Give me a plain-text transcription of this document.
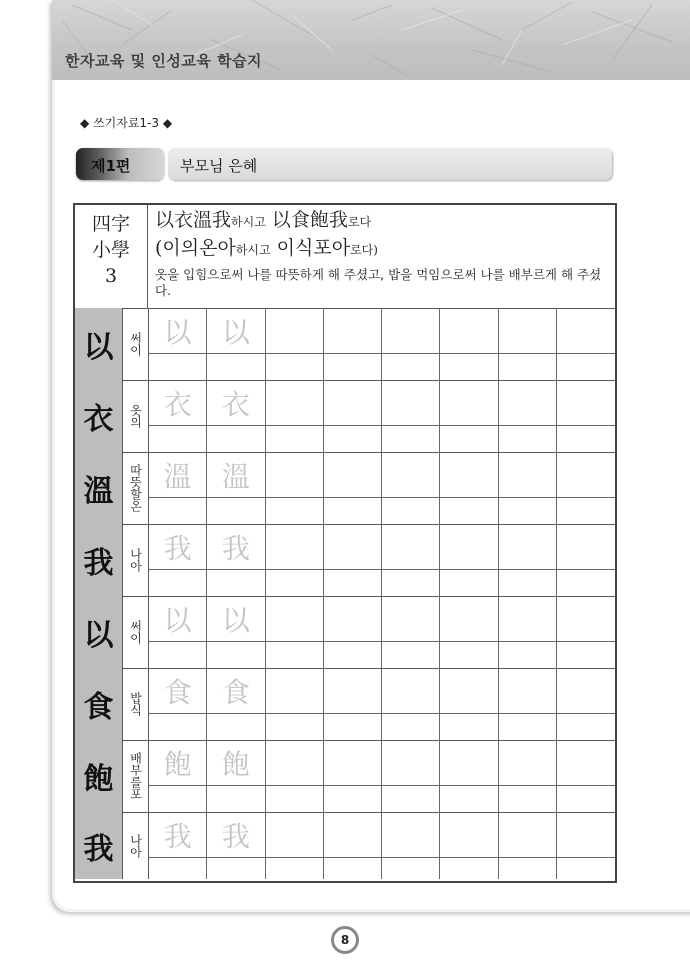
한자교육 및 인성교육 학습지
◆ 쓰기자료1-3 ◆
제1편	부모님 은혜
四字
小學
3
以衣溫我하시고 以食飽我로다
(이의온아하시고 이식포아로다)
옷을 입힘으로써 나를 따뜻하게 해 주셨고, 밥을 먹임으로써 나를 배부르게 해 주셨다.
以	써이 以	以
衣	옷의 衣	衣
溫	따뜻할온 溫	溫
我	나아 我	我
以	써이 以	以
食	밥식 食	食
飽	배부를포 飽	飽
我	나아 我	我
8
